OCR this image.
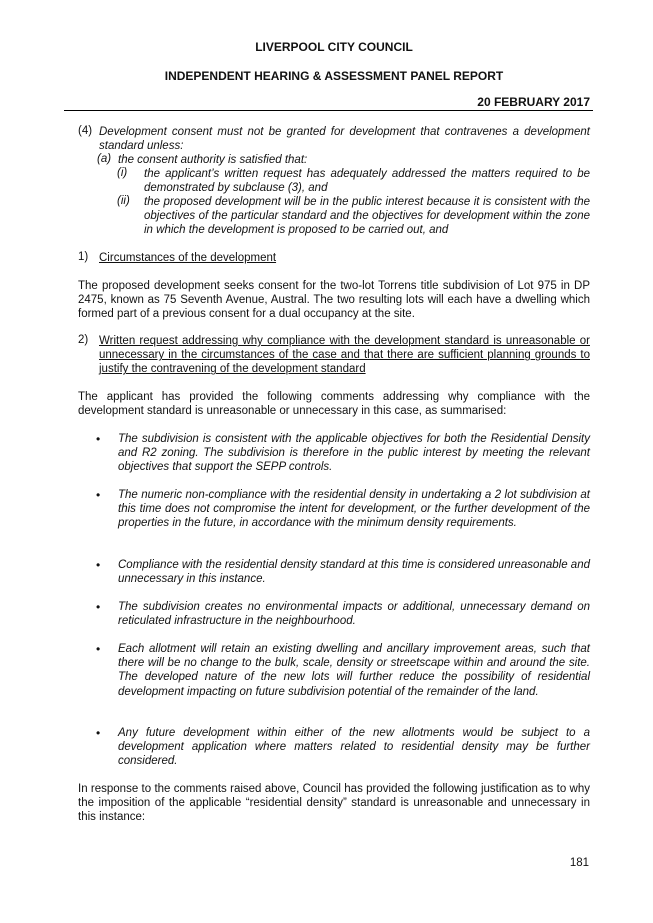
LIVERPOOL CITY COUNCIL
INDEPENDENT HEARING & ASSESSMENT PANEL REPORT
20 FEBRUARY 2017
(4) Development consent must not be granted for development that contravenes a development standard unless:
(a) the consent authority is satisfied that:
(i) the applicant’s written request has adequately addressed the matters required to be demonstrated by subclause (3), and
(ii) the proposed development will be in the public interest because it is consistent with the objectives of the particular standard and the objectives for development within the zone in which the development is proposed to be carried out, and
1) Circumstances of the development
The proposed development seeks consent for the two-lot Torrens title subdivision of Lot 975 in DP 2475, known as 75 Seventh Avenue, Austral. The two resulting lots will each have a dwelling which formed part of a previous consent for a dual occupancy at the site.
2) Written request addressing why compliance with the development standard is unreasonable or unnecessary in the circumstances of the case and that there are sufficient planning grounds to justify the contravening of the development standard
The applicant has provided the following comments addressing why compliance with the development standard is unreasonable or unnecessary in this case, as summarised:
• The subdivision is consistent with the applicable objectives for both the Residential Density and R2 zoning. The subdivision is therefore in the public interest by meeting the relevant objectives that support the SEPP controls.
• The numeric non-compliance with the residential density in undertaking a 2 lot subdivision at this time does not compromise the intent for development, or the further development of the properties in the future, in accordance with the minimum density requirements.
• Compliance with the residential density standard at this time is considered unreasonable and unnecessary in this instance.
• The subdivision creates no environmental impacts or additional, unnecessary demand on reticulated infrastructure in the neighbourhood.
• Each allotment will retain an existing dwelling and ancillary improvement areas, such that there will be no change to the bulk, scale, density or streetscape within and around the site. The developed nature of the new lots will further reduce the possibility of residential development impacting on future subdivision potential of the remainder of the land.
• Any future development within either of the new allotments would be subject to a development application where matters related to residential density may be further considered.
In response to the comments raised above, Council has provided the following justification as to why the imposition of the applicable “residential density” standard is unreasonable and unnecessary in this instance:
181
